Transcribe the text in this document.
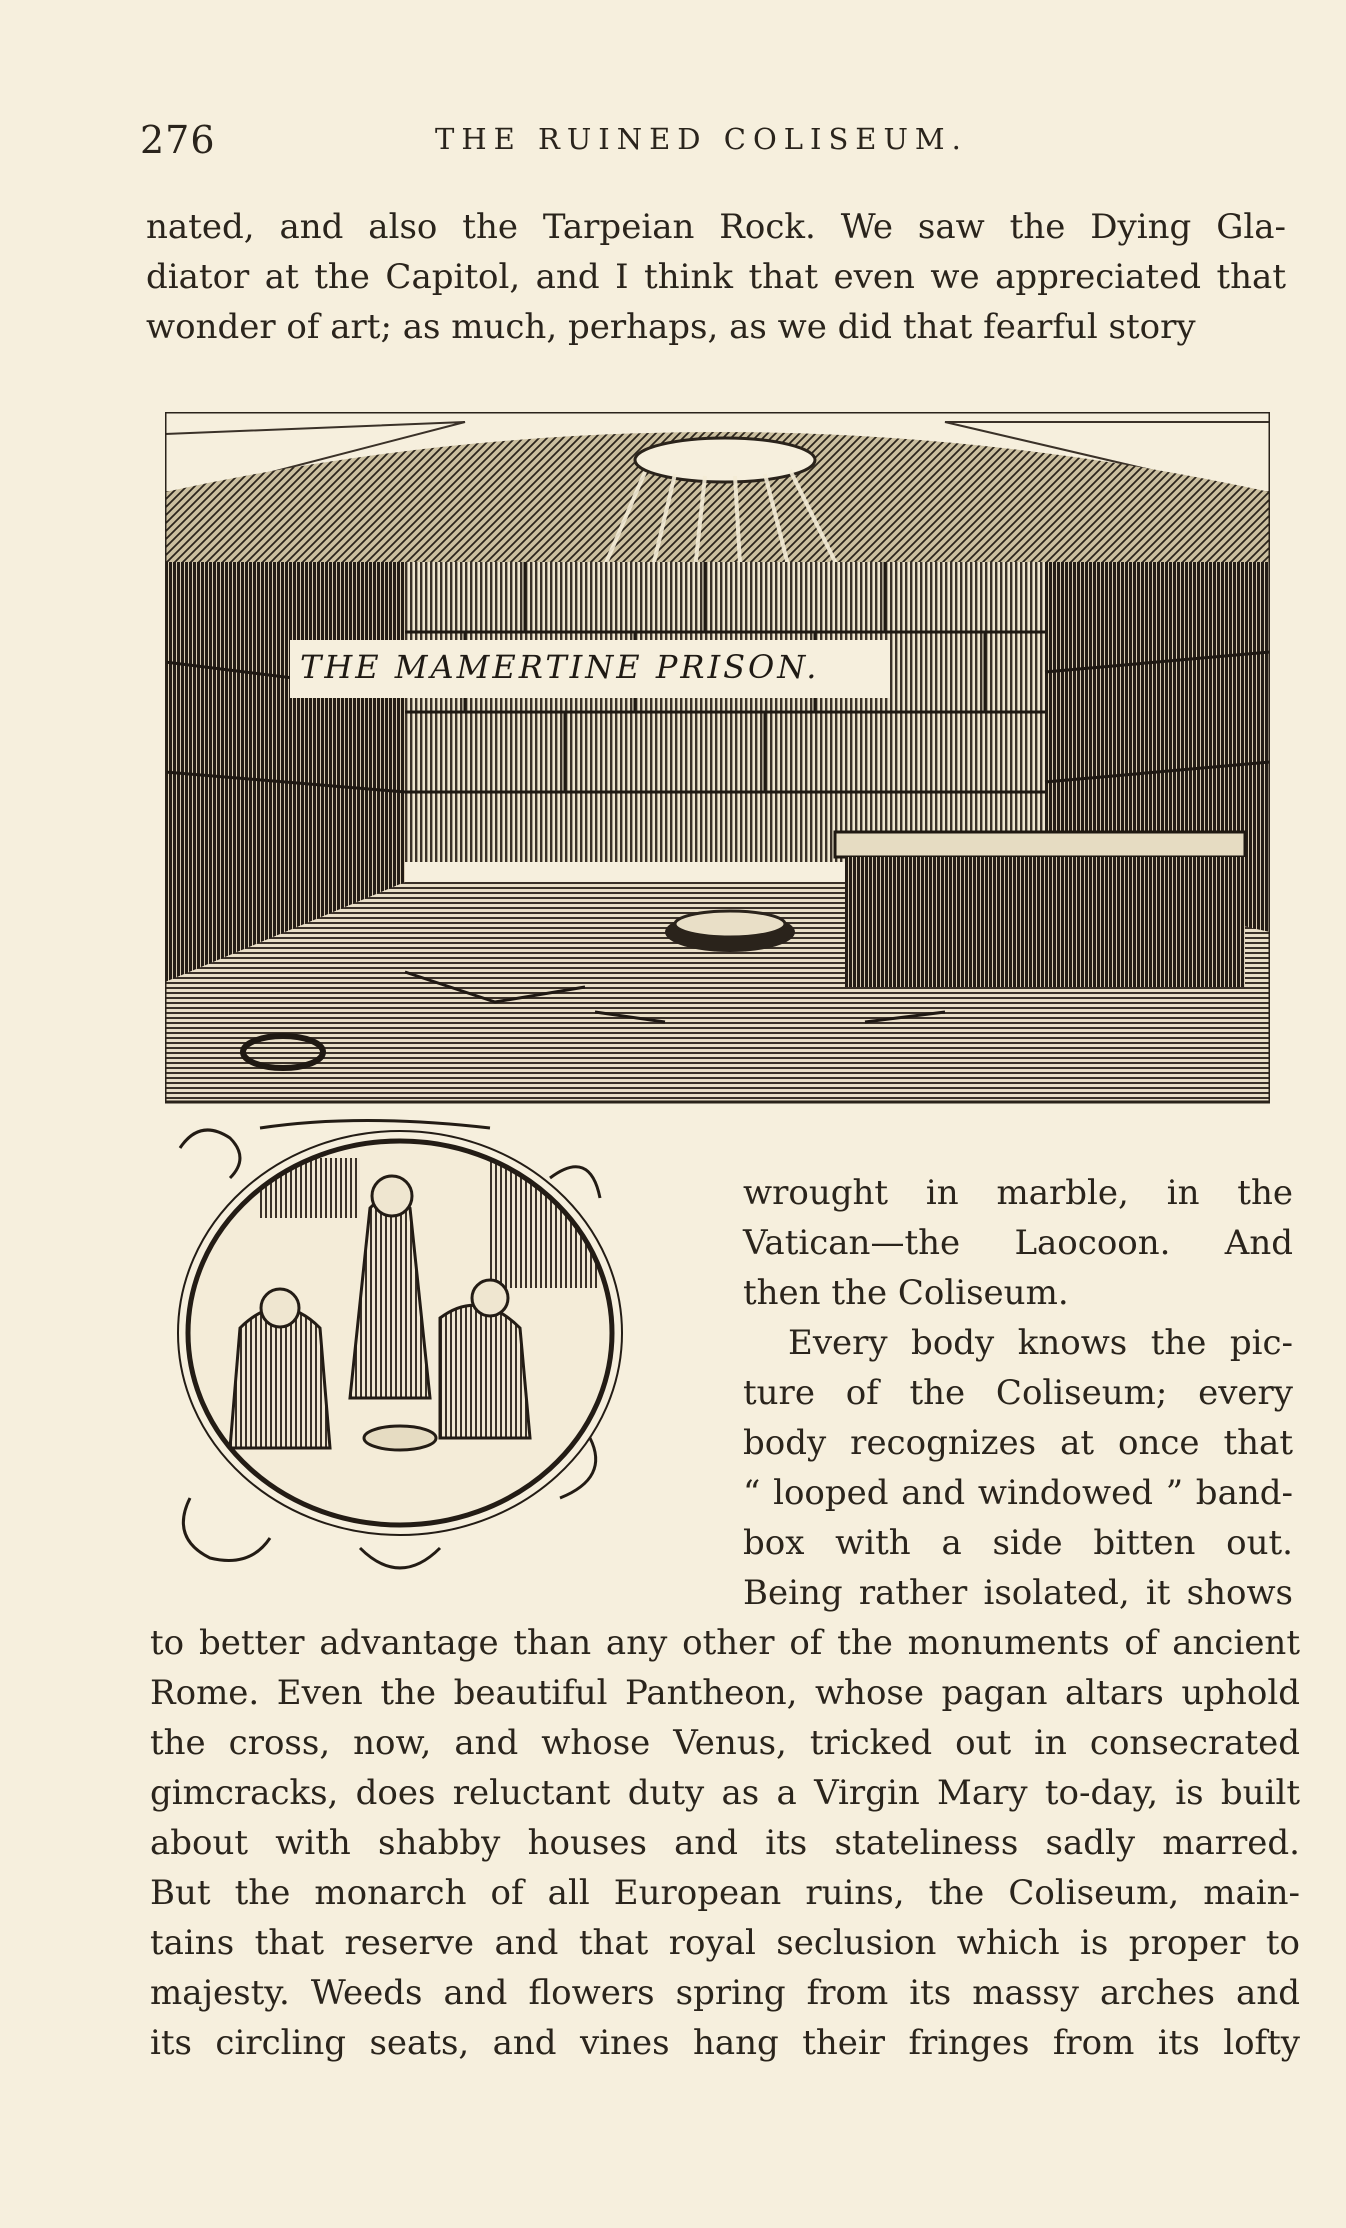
276	THE RUINED COLISEUM.
nated, and also the Tarpeian Rock. We saw the Dying Gla-
diator at the Capitol, and I think that even we appreciated that
wonder of art; as much, perhaps, as we did that fearful story
THE MAMERTINE PRISON.
wrought in marble, in the
Vatican—the Laocoon. And
then the Coliseum.
Every body knows the pic-
ture of the Coliseum; every
body recognizes at once that
“ looped and windowed ” band-
box with a side bitten out.
Being rather isolated, it shows
to better advantage than any other of the monuments of ancient
Rome. Even the beautiful Pantheon, whose pagan altars uphold
the cross, now, and whose Venus, tricked out in consecrated
gimcracks, does reluctant duty as a Virgin Mary to-day, is built
about with shabby houses and its stateliness sadly marred.
But the monarch of all European ruins, the Coliseum, main-
tains that reserve and that royal seclusion which is proper to
majesty. Weeds and flowers spring from its massy arches and
its circling seats, and vines hang their fringes from its lofty
